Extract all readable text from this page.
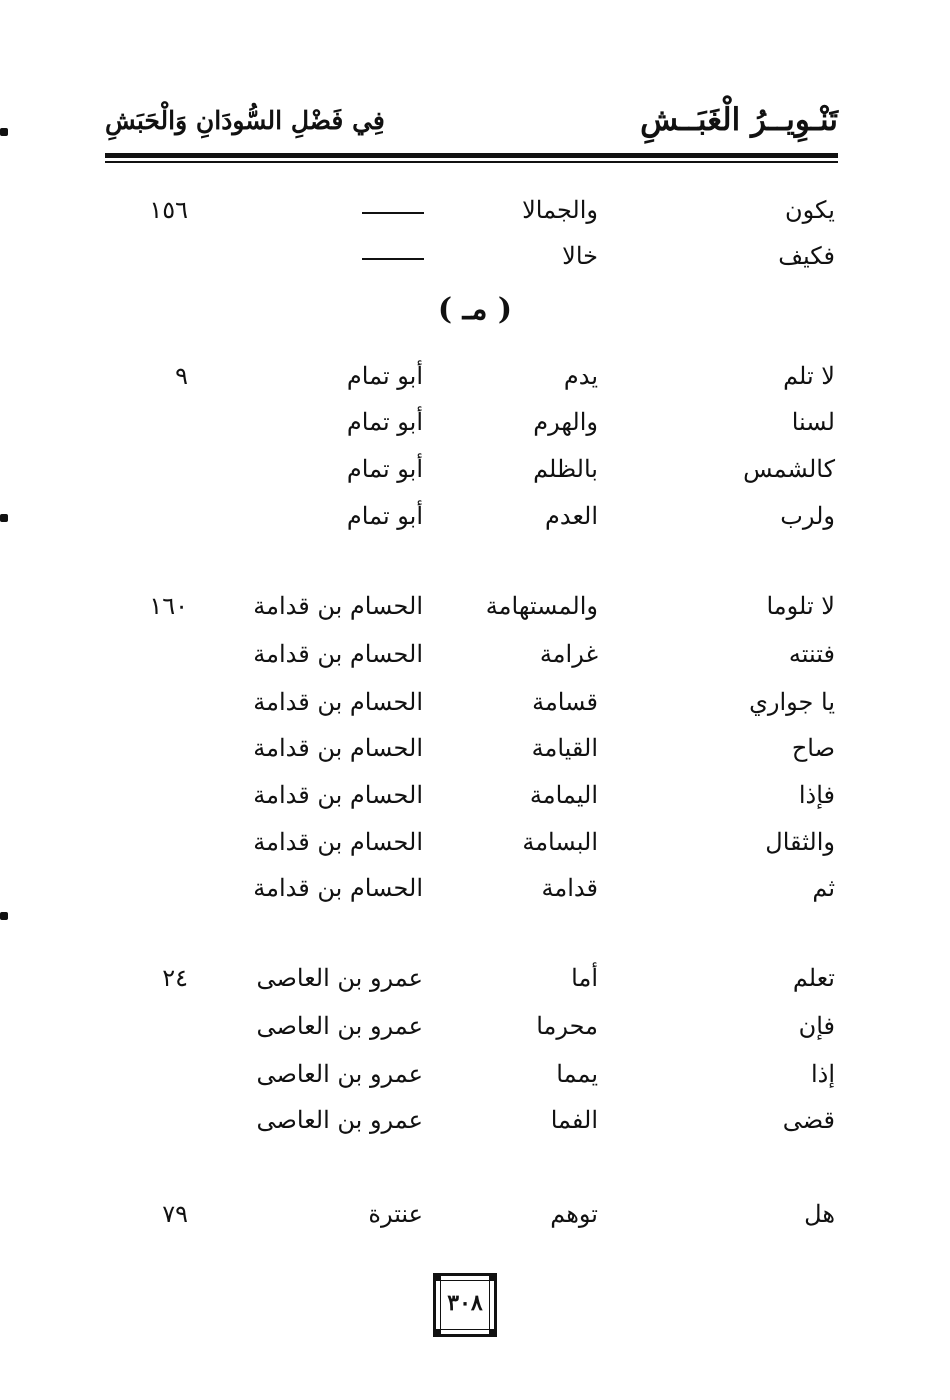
تَنْـوِيــرُ الْغَبَــشِ
فِي فَضْلِ السُّودَانِ وَالْحَبَشِ
( مـ )
يكون
والجمالا
١٥٦
فكيف
خالا
لا تلم
يدم
أبو تمام
٩
لسنا
والهرم
أبو تمام
كالشمس
بالظلم
أبو تمام
ولرب
العدم
أبو تمام
لا تلوما
والمستهامة
الحسام بن قدامة
١٦٠
فتنته
غرامة
الحسام بن قدامة
يا جواري
قسامة
الحسام بن قدامة
صاح
القيامة
الحسام بن قدامة
فإذا
اليمامة
الحسام بن قدامة
والثقال
البسامة
الحسام بن قدامة
ثم
قدامة
الحسام بن قدامة
تعلم
أما
عمرو بن العاصى
٢٤
فإن
محرما
عمرو بن العاصى
إذا
يمما
عمرو بن العاصى
قضى
الفما
عمرو بن العاصى
هل
توهم
عنترة
٧٩
٣٠٨
